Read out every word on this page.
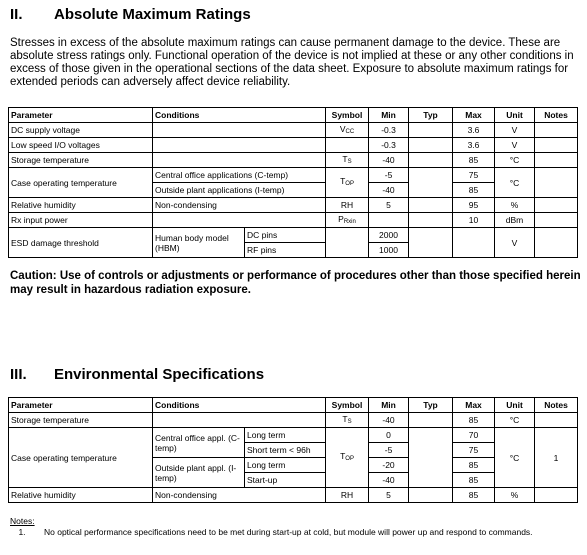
II. Absolute Maximum Ratings
Stresses in excess of the absolute maximum ratings can cause permanent damage to the device. These are absolute stress ratings only. Functional operation of the device is not implied at these or any other conditions in excess of those given in the operational sections of the data sheet. Exposure to absolute maximum ratings for extended periods can adversely affect device reliability.
Parameter	Conditions		Symbol	Min	Typ	Max	Unit	Notes
DC supply voltage			VCC	-0.3		3.6	V	
Low speed I/O voltages				-0.3		3.6	V	
Storage temperature			TS	-40		85	°C	
Case operating temperature	Central office applications (C-temp)		TOP	-5		75	°C	
	Outside plant applications (I-temp)			-40		85		
Relative humidity	Non-condensing		RH	5		95	%	
Rx input power			PRxin			10	dBm	
ESD damage threshold	Human body model (HBM)	DC pins		2000			V	
		RF pins		1000				
Caution: Use of controls or adjustments or performance of procedures other than those specified herein may result in hazardous radiation exposure.
III. Environmental Specifications
Parameter	Conditions		Symbol	Min	Typ	Max	Unit	Notes
Storage temperature			TS	-40		85	°C	
Case operating temperature	Central office appl. (C-temp)	Long term	TOP	0		70	°C	1
		Short term < 96h		-5		75		
	Outside plant appl. (I-temp)	Long term		-20		85		
		Start-up		-40		85		
Relative humidity	Non-condensing		RH	5		85	%	
Notes:
1.	No optical performance specifications need to be met during start-up at cold, but module will power up and respond to commands.
